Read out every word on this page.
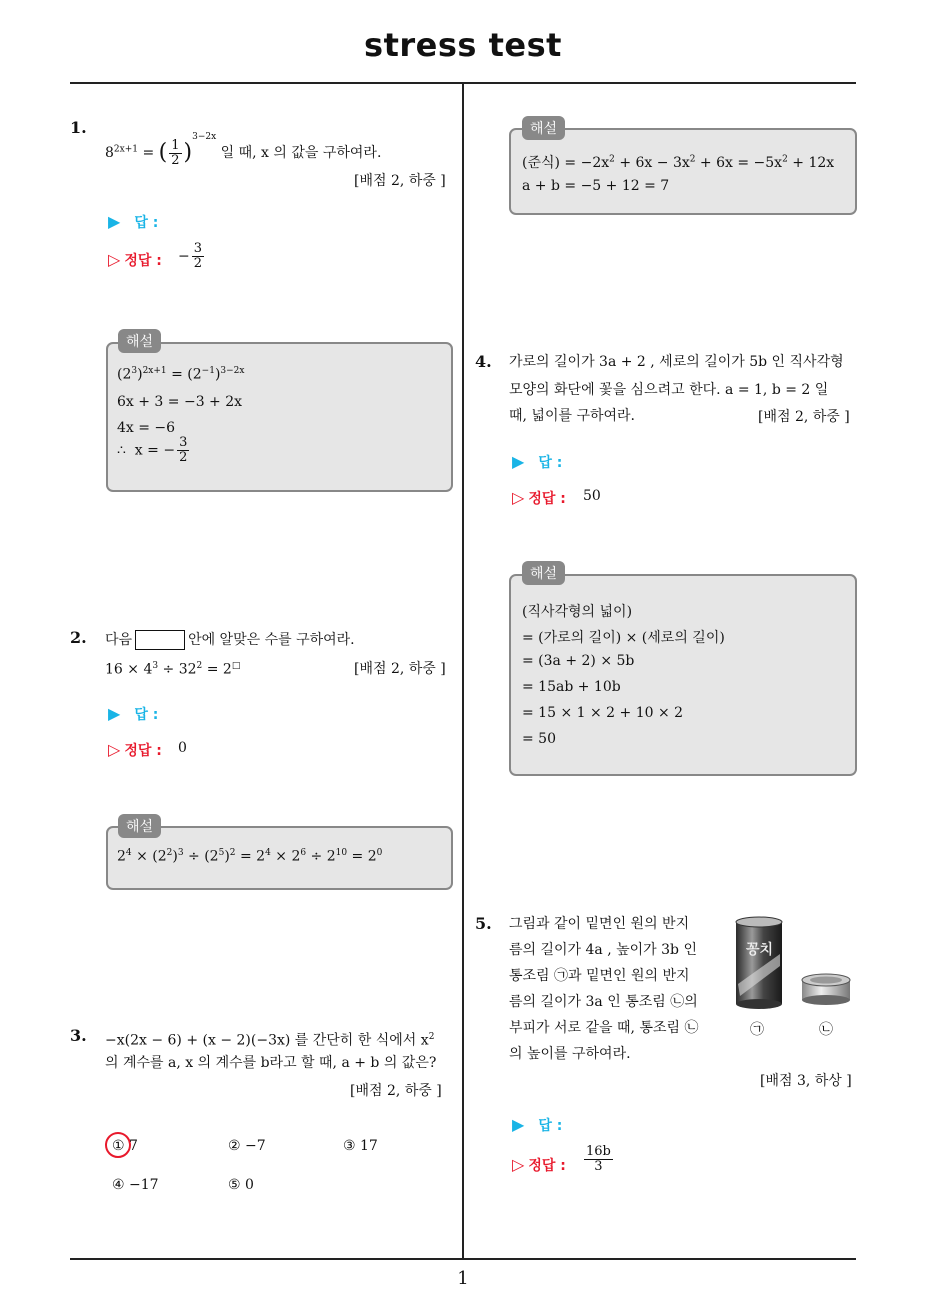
stress test
1
1.
$8^{2x+1}$ = ( $\frac{1}{2} )^{3-2x}$ 일 때, x 의 값을 구하여라.
[배점 2, 하중 ]
▶ 답 :
▷ 정답 : − $\frac{3}{2}$
해설
$(2^3)^{2x+1} = (2^{-1})^{3-2x}$
6x + 3 = −3 + 2x
4x = −6
∴  x = − $\frac{3}{2}$
2. 다음	안에 알맞은 수를 구하여라.
$16 \times 4^3 \div 32^2 = 2^□$	[배점 2, 하중 ]
▶ 답 :
▷ 정답 : 0
해설
$2^4 \times (2^2)^3 \div (2^5)^2 = 2^4 \times 2^6 \div 2^{10} = 2^0$
3. −x(2x − 6) + (x − 2)(−3x) 를 간단히 한 식에서 $x^2$
의 계수를 a, x 의 계수를 b라고 할 때, a + b 의 값은?
[배점 2, 하중 ]
① 7	② −7	③ 17
④ −17	⑤ 0
해설
(준식) = $-2x^2 + 6x - 3x^2 + 6x = -5x^2 + 12x$
a + b = −5 + 12 = 7
4. 가로의 길이가 3a + 2 , 세로의 길이가 5b 인 직사각형
모양의 화단에 꽃을 심으려고 한다. a = 1, b = 2 일
때, 넓이를 구하여라.	[배점 2, 하중 ]
▶ 답 :
▷ 정답 : 50
해설
(직사각형의 넓이)
= (가로의 길이) × (세로의 길이)
= (3a + 2) × 5b
= 15ab + 10b
= 15 × 1 × 2 + 10 × 2
= 50
5. 그림과 같이 밑면인 원의 반지
름의 길이가 4a , 높이가 3b 인
통조림 ㉠과 밑면인 원의 반지
름의 길이가 3a 인 통조림 ㉡의
부피가 서로 같을 때, 통조림 ㉡
의 높이를 구하여라.
[배점 3, 하상 ]
꽁치
㉠	㉡
▶ 답 :
▷ 정답 : $\frac{16b}{3}$
